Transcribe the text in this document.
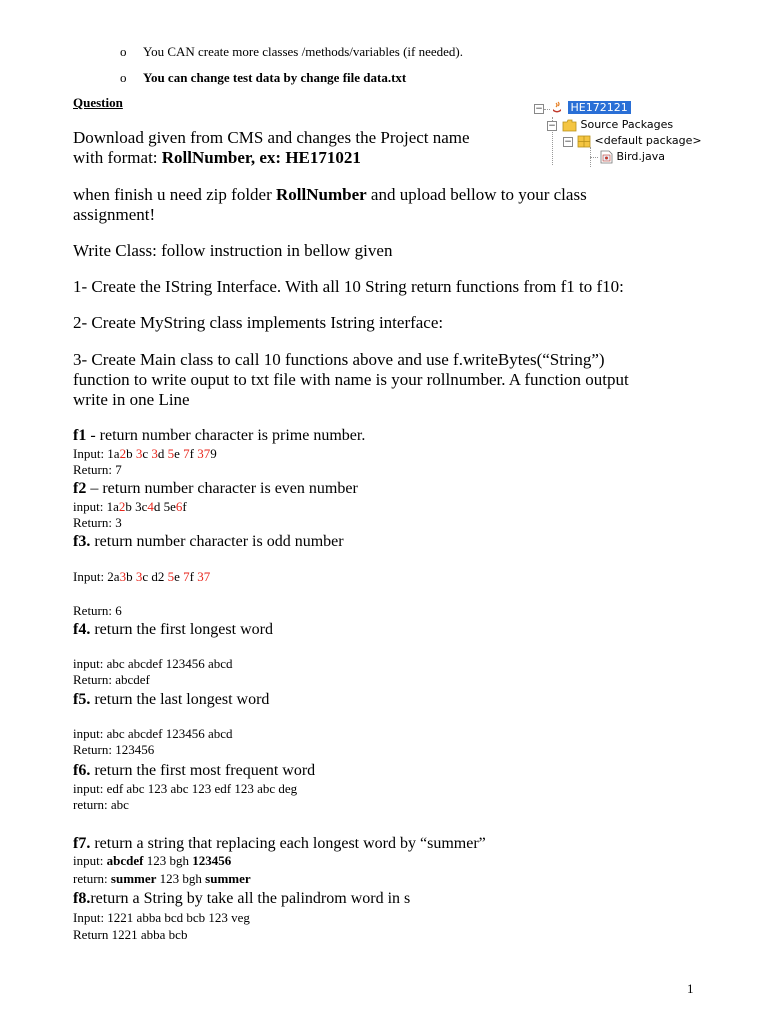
o You CAN create more classes /methods/variables (if needed).
o You can change test data by change file data.txt
Question	−	HE172121
−	Source Packages
−	<default package>
Bird.java
Download given from CMS and changes the Project name
with format: RollNumber, ex: HE171021
when finish u need zip folder RollNumber and upload bellow to your class
assignment!
Write Class: follow instruction in bellow given
1- Create the IString Interface. With all 10 String return functions from f1 to f10:
2- Create MyString class implements Istring interface:
3- Create Main class to call 10 functions above and use f.writeBytes(“String”)
function to write ouput to txt file with name is your rollnumber. A function output
write in one Line
f1 - return number character is prime number.
Input: 1a2b 3c 3d 5e 7f 379
Return: 7
f2 – return number character is even number
input: 1a2b 3c4d 5e6f
Return: 3
f3. return number character is odd number
Input: 2a3b 3c d2 5e 7f 37
Return: 6
f4. return the first longest word
input: abc abcdef 123456 abcd
Return: abcdef
f5. return the last longest word
input: abc abcdef 123456 abcd
Return: 123456
f6. return the first most frequent word
input: edf abc 123 abc 123 edf 123 abc deg
return: abc
f7. return a string that replacing each longest word by “summer”
input: abcdef 123 bgh 123456
return: summer 123 bgh summer
f8.return a String by take all the palindrom word in s
Input: 1221 abba bcd bcb 123 veg
Return 1221 abba bcb
1
